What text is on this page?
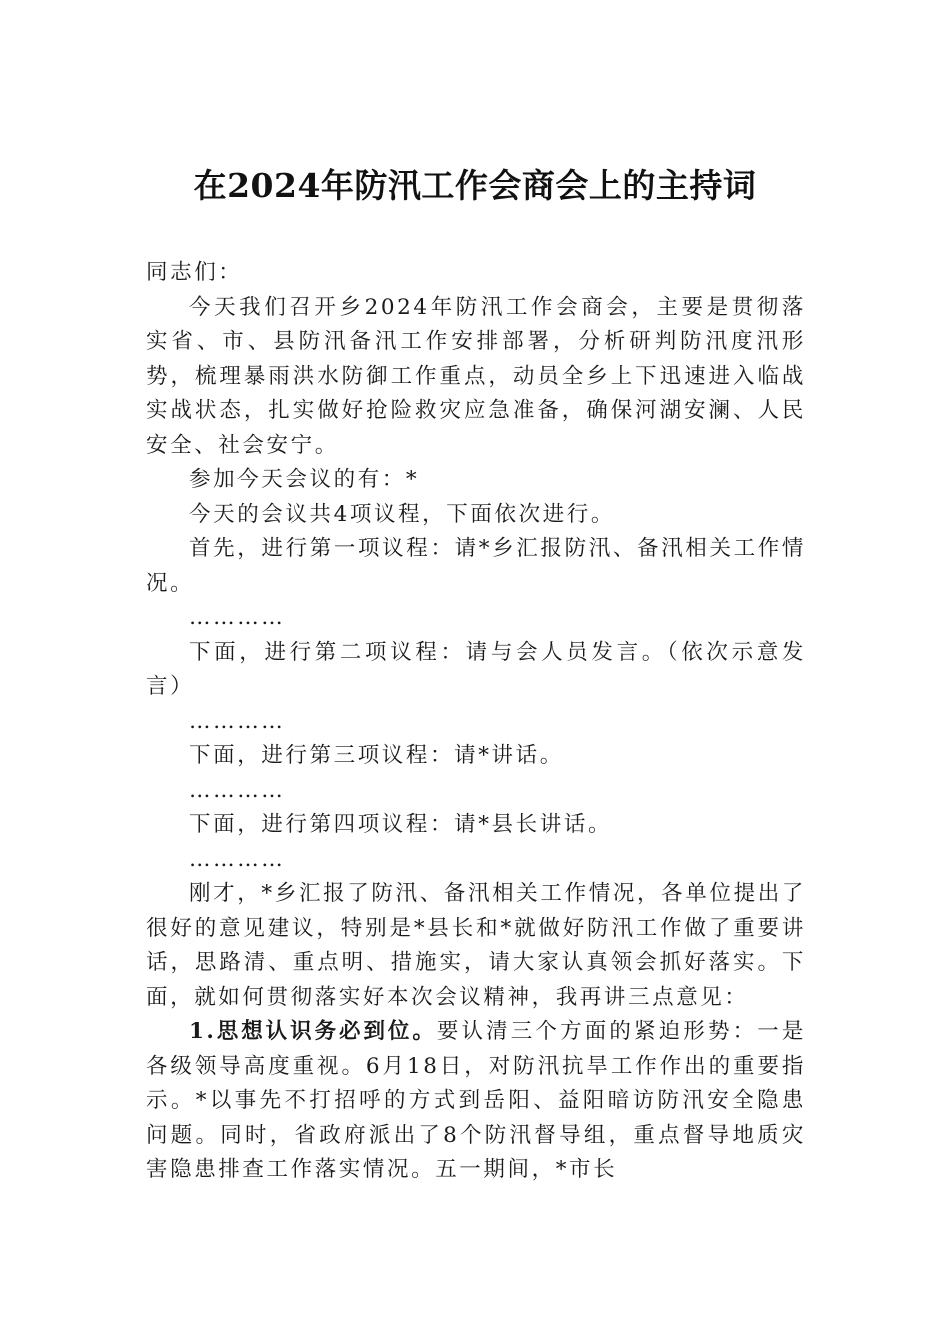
在2024年防汛工作会商会上的主持词

同志们：

今天我们召开乡2024年防汛工作会商会，主要是贯彻落实省、市、县防汛备汛工作安排部署，分析研判防汛度汛形势，梳理暴雨洪水防御工作重点，动员全乡上下迅速进入临战实战状态，扎实做好抢险救灾应急准备，确保河湖安澜、人民安全、社会安宁。

参加今天会议的有：*

今天的会议共4项议程，下面依次进行。

首先，进行第一项议程：请*乡汇报防汛、备汛相关工作情况。

…………

下面，进行第二项议程：请与会人员发言。（依次示意发言）

…………

下面，进行第三项议程：请*讲话。

…………

下面，进行第四项议程：请*县长讲话。

…………

刚才，*乡汇报了防汛、备汛相关工作情况，各单位提出了很好的意见建议，特别是*县长和*就做好防汛工作做了重要讲话，思路清、重点明、措施实，请大家认真领会抓好落实。下面，就如何贯彻落实好本次会议精神，我再讲三点意见：

1.思想认识务必到位。要认清三个方面的紧迫形势：一是各级领导高度重视。6月18日，对防汛抗旱工作作出的重要指示。*以事先不打招呼的方式到岳阳、益阳暗访防汛安全隐患问题。同时，省政府派出了8个防汛督导组，重点督导地质灾害隐患排查工作落实情况。五一期间，*市长
